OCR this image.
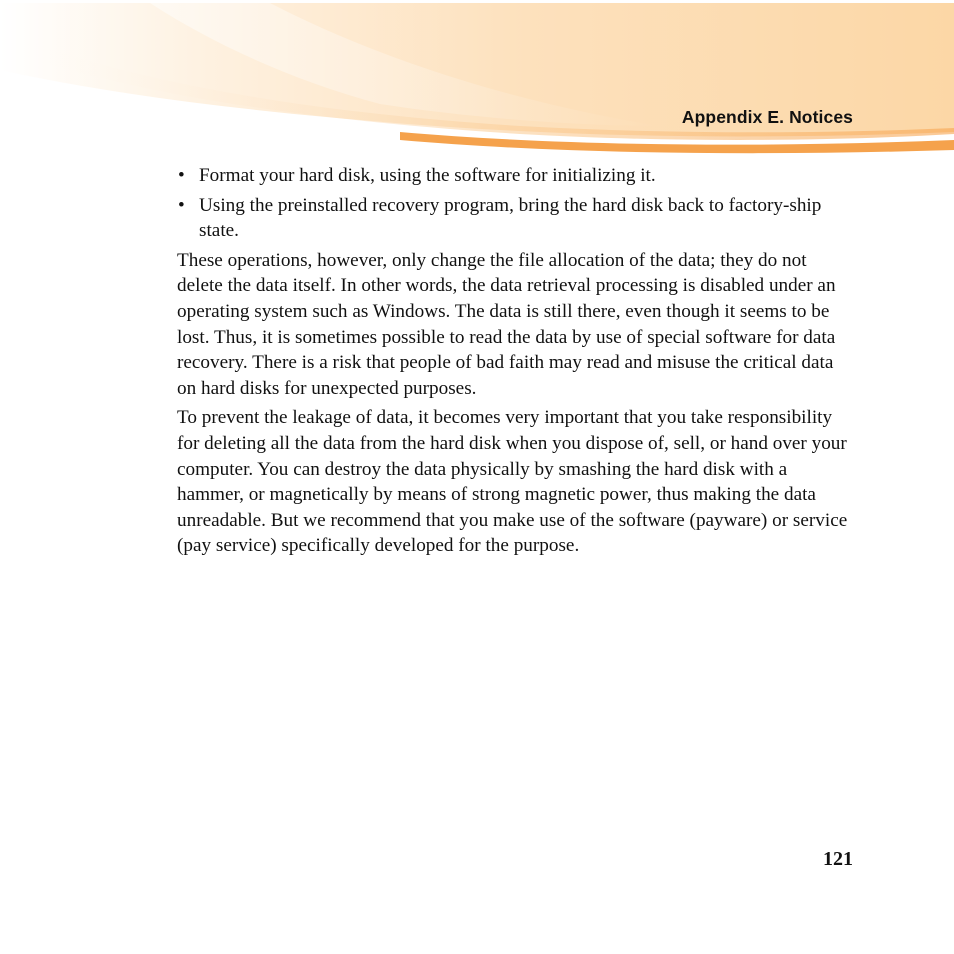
Appendix E. Notices
• Format your hard disk, using the software for initializing it.
• Using the preinstalled recovery program, bring the hard disk back to factory-ship state.

These operations, however, only change the file allocation of the data; they do not delete the data itself. In other words, the data retrieval processing is disabled under an operating system such as Windows. The data is still there, even though it seems to be lost. Thus, it is sometimes possible to read the data by use of special software for data recovery. There is a risk that people of bad faith may read and misuse the critical data on hard disks for unexpected purposes.

To prevent the leakage of data, it becomes very important that you take responsibility for deleting all the data from the hard disk when you dispose of, sell, or hand over your computer. You can destroy the data physically by smashing the hard disk with a hammer, or magnetically by means of strong magnetic power, thus making the data unreadable. But we recommend that you make use of the software (payware) or service (pay service) specifically developed for the purpose.

121
